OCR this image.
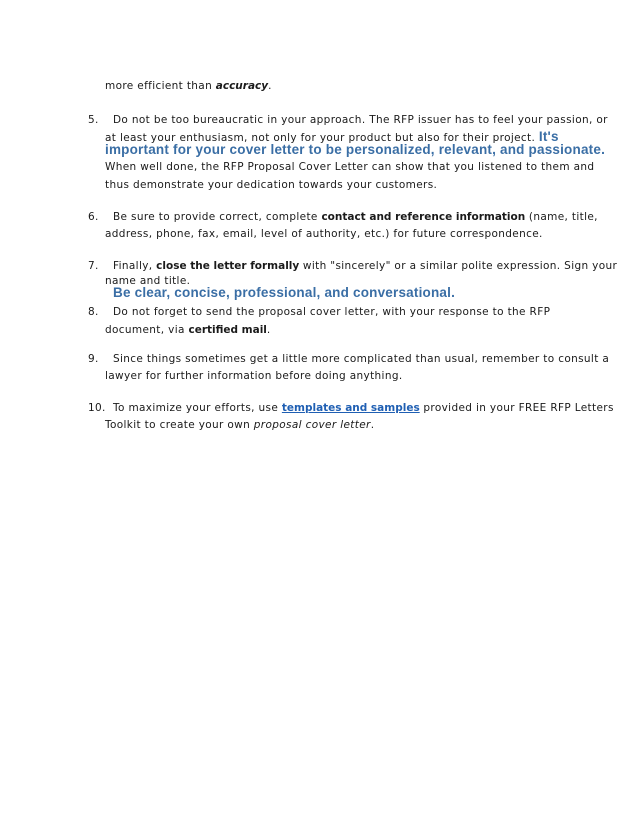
more efficient than accuracy.
5. Do not be too bureaucratic in your approach. The RFP issuer has to feel your passion, or
at least your enthusiasm, not only for your product but also for their project. It's
important for your cover letter to be personalized, relevant, and passionate.
When well done, the RFP Proposal Cover Letter can show that you listened to them and
thus demonstrate your dedication towards your customers.
6. Be sure to provide correct, complete contact and reference information (name, title,
address, phone, fax, email, level of authority, etc.) for future correspondence.
7. Finally, close the letter formally with "sincerely" or a similar polite expression. Sign your
name and title.
Be clear, concise, professional, and conversational.
8. Do not forget to send the proposal cover letter, with your response to the RFP
document, via certified mail.
9. Since things sometimes get a little more complicated than usual, remember to consult a
lawyer for further information before doing anything.
10. To maximize your efforts, use templates and samples provided in your FREE RFP Letters
Toolkit to create your own proposal cover letter.
